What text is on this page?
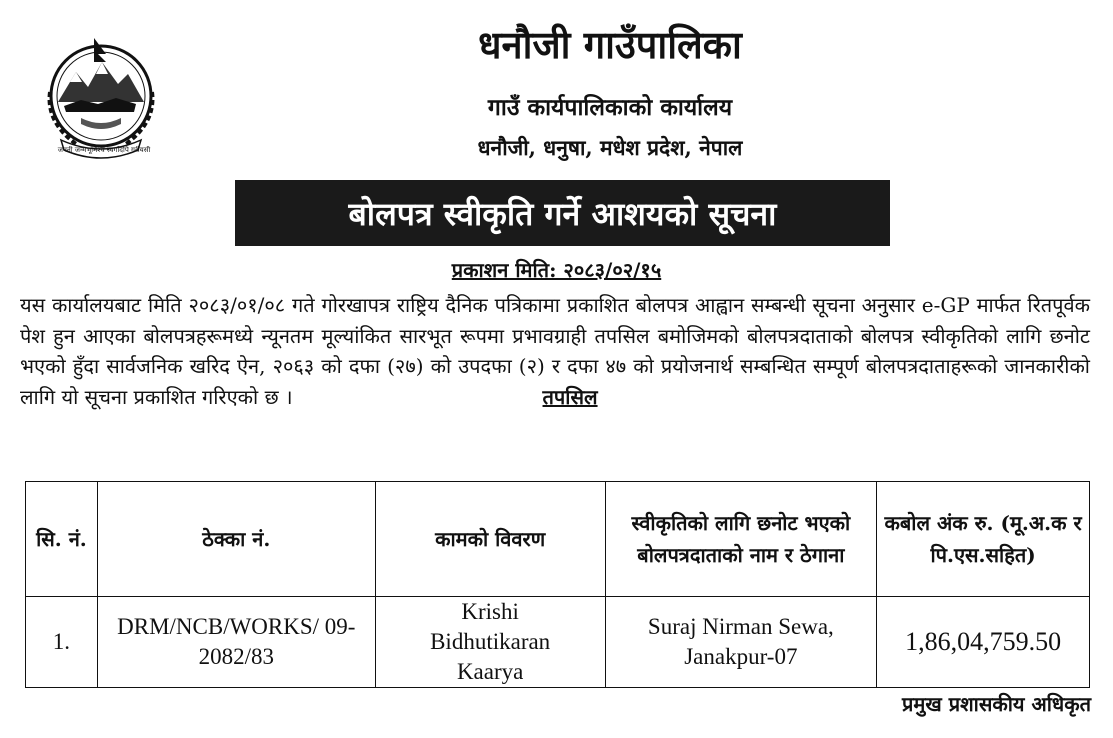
जननी जन्मभूमिश्च स्वर्गादपि गरीयसी
धनौजी गाउँपालिका
गाउँ कार्यपालिकाको कार्यालय
धनौजी, धनुषा, मधेश प्रदेश, नेपाल
बोलपत्र स्वीकृति गर्ने आशयको सूचना
प्रकाशन मिति: २०८३/०२/१५
यस कार्यालयबाट मिति २०८३/०१/०८ गते गोरखापत्र राष्ट्रिय दैनिक पत्रिकामा प्रकाशित बोलपत्र आह्वान सम्बन्धी सूचना अनुसार e-GP मार्फत रितपूर्वक पेश हुन आएका बोलपत्रहरूमध्ये न्यूनतम मूल्यांकित सारभूत रूपमा प्रभावग्राही तपसिल बमोजिमको बोलपत्रदाताको बोलपत्र स्वीकृतिको लागि छनोट भएको हुँदा सार्वजनिक खरिद ऐन, २०६३ को दफा (२७) को उपदफा (२) र दफा ४७ को प्रयोजनार्थ सम्बन्धित सम्पूर्ण बोलपत्रदाताहरूको जानकारीको लागि यो सूचना प्रकाशित गरिएको छ ।	तपसिल
सि. नं.	ठेक्का नं.	कामको विवरण	स्वीकृतिको लागि छनोट भएको बोलपत्रदाताको नाम र ठेगाना	कबोल अंक रु. (मू.अ.क र पि.एस.सहित)
1.	DRM/NCB/WORKS/ 09- 2082/83	Krishi Bidhutikaran Kaarya	Suraj Nirman Sewa, Janakpur-07	1,86,04,759.50
प्रमुख प्रशासकीय अधिकृत
